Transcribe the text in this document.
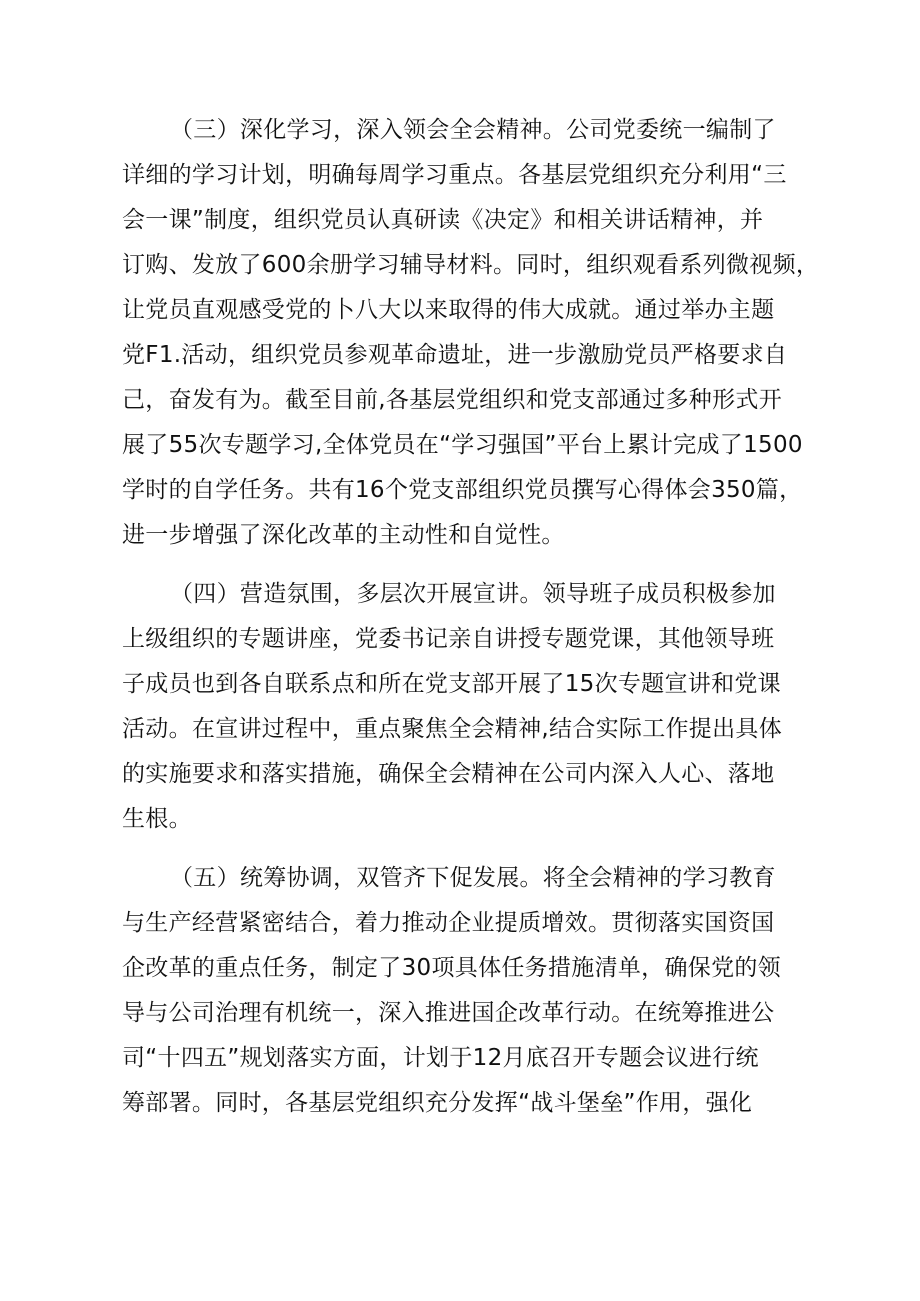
（三）深化学习，深入领会全会精神。公司党委统一编制了
详细的学习计划，明确每周学习重点。各基层党组织充分利用“三
会一课”制度，组织党员认真研读《决定》和相关讲话精神，并
订购、发放了600余册学习辅导材料。同时，组织观看系列微视频，
让党员直观感受党的卜八大以来取得的伟大成就。通过举办主题
党F1.活动，组织党员参观革命遗址，进一步激励党员严格要求自
己，奋发有为。截至目前,各基层党组织和党支部通过多种形式开
展了55次专题学习,全体党员在“学习强国”平台上累计完成了1500
学时的自学任务。共有16个党支部组织党员撰写心得体会350篇，
进一步增强了深化改革的主动性和自觉性。

（四）营造氛围，多层次开展宣讲。领导班子成员积极参加
上级组织的专题讲座，党委书记亲自讲授专题党课，其他领导班
子成员也到各自联系点和所在党支部开展了15次专题宣讲和党课
活动。在宣讲过程中，重点聚焦全会精神,结合实际工作提出具体
的实施要求和落实措施，确保全会精神在公司内深入人心、落地
生根。

（五）统筹协调，双管齐下促发展。将全会精神的学习教育
与生产经营紧密结合，着力推动企业提质增效。贯彻落实国资国
企改革的重点任务，制定了30项具体任务措施清单，确保党的领
导与公司治理有机统一，深入推进国企改革行动。在统筹推进公
司“十四五”规划落实方面，计划于12月底召开专题会议进行统
筹部署。同时，各基层党组织充分发挥“战斗堡垒”作用，强化
